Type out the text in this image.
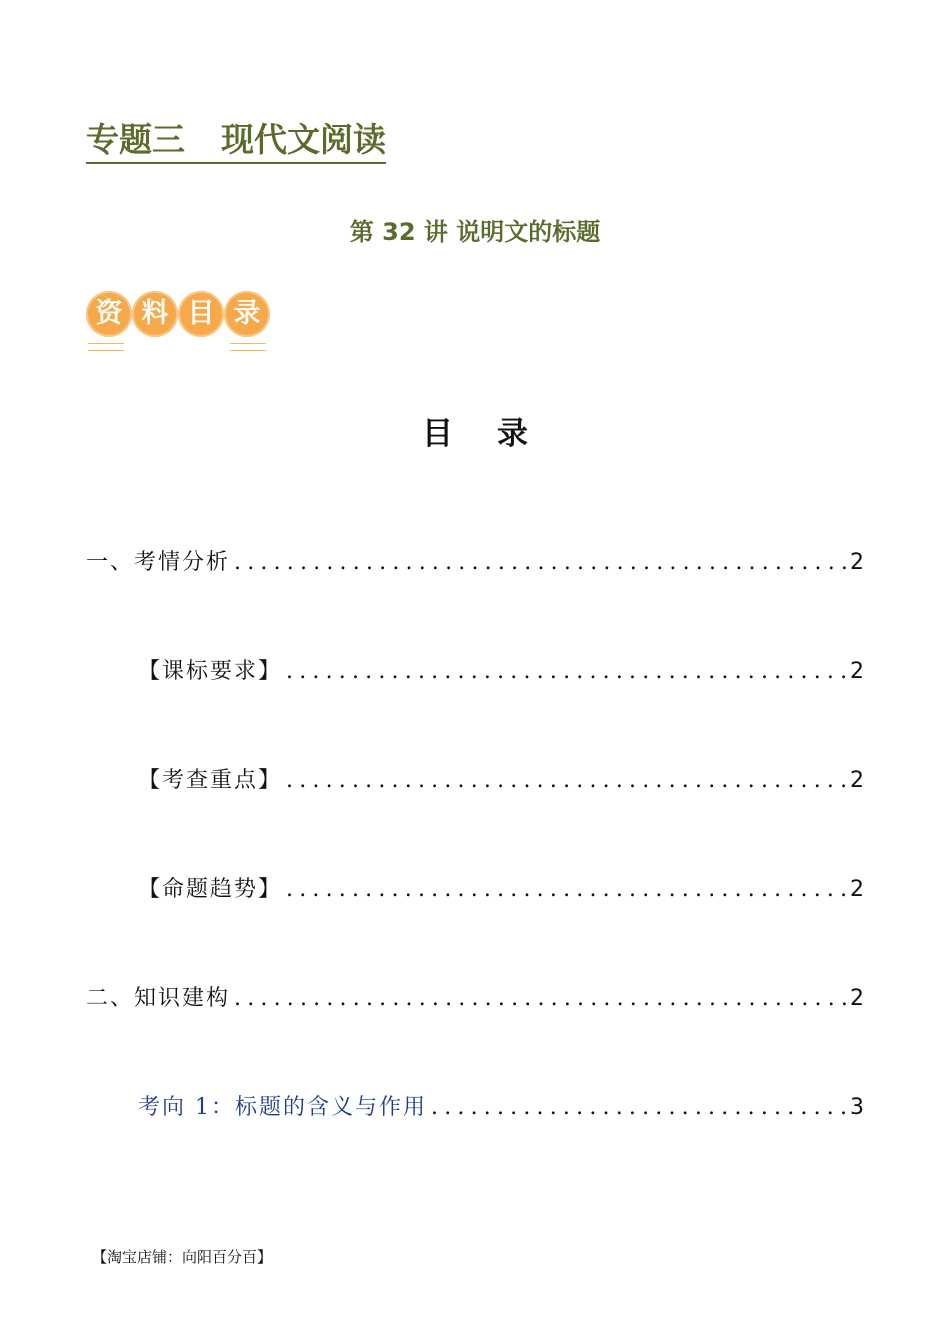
专题三 现代文阅读
第 32 讲 说明文的标题
资 料 目 录
目 录
一、考情分析 .....	2
【课标要求】 .....	2
【考查重点】 .....	2
【命题趋势】 .....	2
二、知识建构 .....	2
考向 1：标题的含义与作用 .....	3
【淘宝店铺：向阳百分百】
